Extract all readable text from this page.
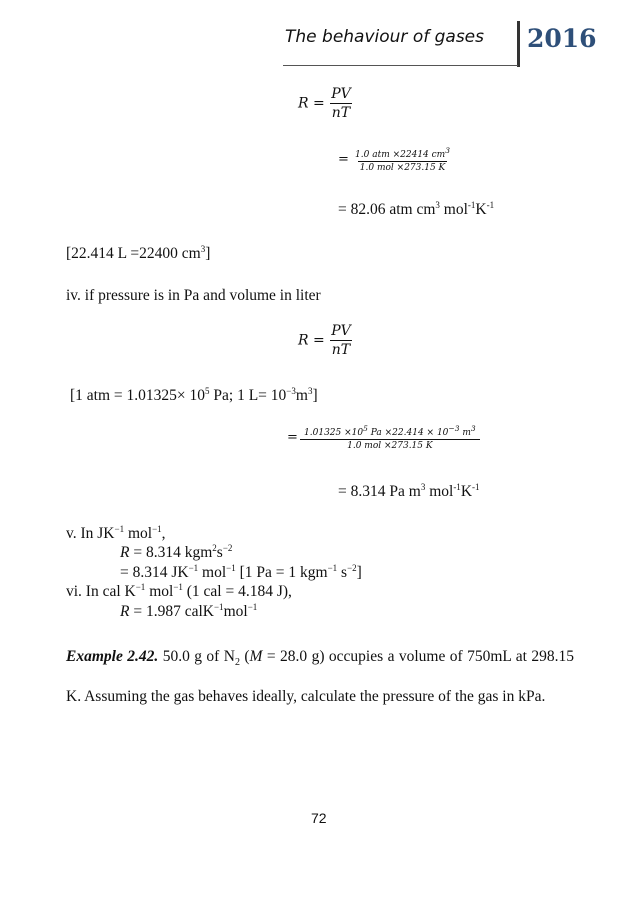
The behaviour of gases 2016
$R = \frac{PV}{nT}$
= $\frac{1.0 atm \times 22414 cm^3}{\text{1.0 mol ×273.15 K}}$
= 82.06 atm $cm^3$ $mol^{-1}K^{-1}$
[22.414 L =22400 $cm^3$]
iv. if pressure is in Pa and volume in liter
$R = \frac{PV}{nT}$
[1 atm = $1.01325\times 10^5$ Pa; 1 $L= 10^{-3}m^3$]
= $\frac{1.01325 \times 10^5 Pa \times 22.414 \times 10^{-3} m^3}{\text{1.0 mol ×273.15 K}}$
= 8.314 Pa $m^3$ $mol^{-1}K^{-1}$
v. In $JK^{-1}$ mol$^{-1}$,
R = 8.314 $kgm^2s^{-2}$
= 8.314 $JK^{-1}$ mol$^{-1}$ [1 Pa = 1 kgm$^{-1}$ $s^{-2}$]
vi. In cal $K^{-1}$ mol$^{-1}$ (1 cal = 4.184 J),
R = 1.987 calK$^{-1}$mol$^{-1}$
Example 2.42. 50.0 g of $N_2$ (M = 28.0 g) occupies a volume of 750mL at 298.15 K. Assuming the gas behaves ideally, calculate the pressure of the gas in kPa.
72
